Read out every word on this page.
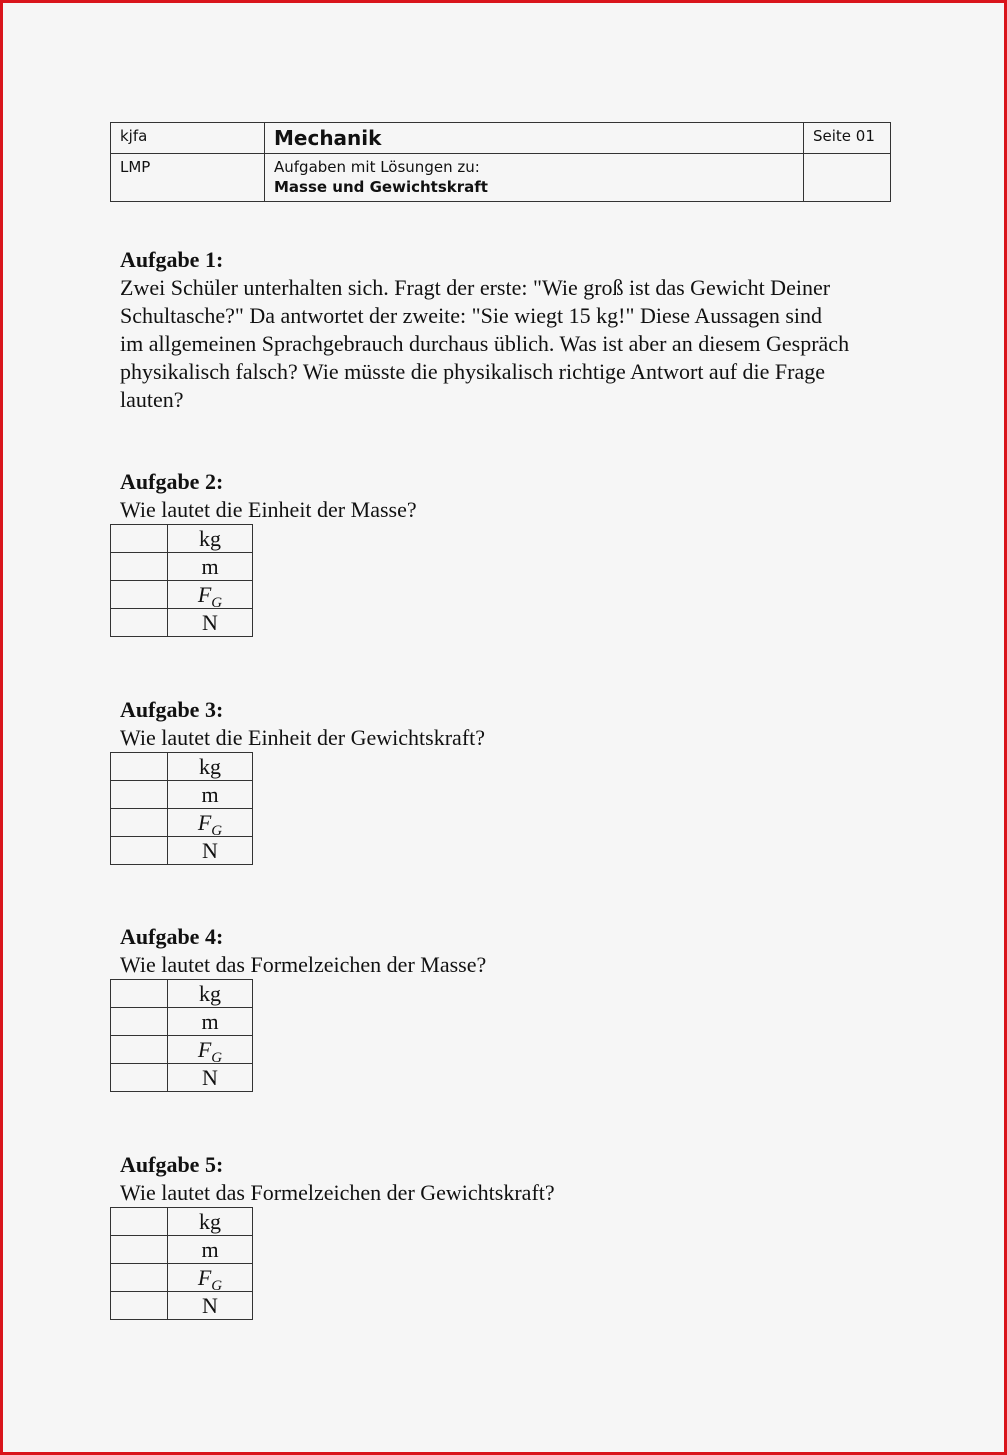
kjfa	Mechanik	Seite 01
LMP	Aufgaben mit Lösungen zu:
Masse und Gewichtskraft	
Aufgabe 1:
Zwei Schüler unterhalten sich. Fragt der erste: "Wie groß ist das Gewicht Deiner Schultasche?" Da antwortet der zweite: "Sie wiegt 15 kg!" Diese Aussagen sind im allgemeinen Sprachgebrauch durchaus üblich. Was ist aber an diesem Gespräch physikalisch falsch? Wie müsste die physikalisch richtige Antwort auf die Frage lauten?
Aufgabe 2:
Wie lautet die Einheit der Masse?
	kg
	m
	$F_G$
	N
Aufgabe 3:
Wie lautet die Einheit der Gewichtskraft?
	kg
	m
	$F_G$
	N
Aufgabe 4:
Wie lautet das Formelzeichen der Masse?
	kg
	m
	$F_G$
	N
Aufgabe 5:
Wie lautet das Formelzeichen der Gewichtskraft?
	kg
	m
	$F_G$
	N
